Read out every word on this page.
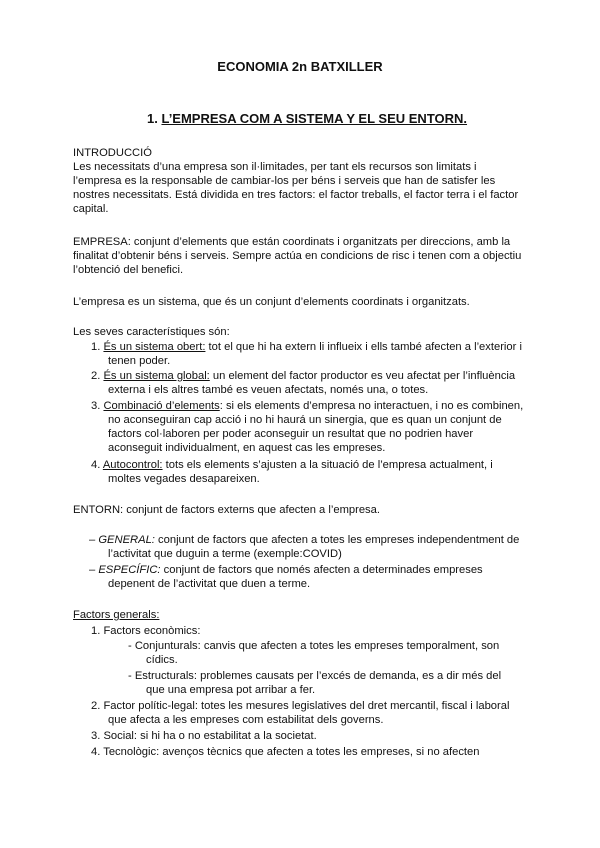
ECONOMIA 2n BATXILLER
1. L’EMPRESA COM A SISTEMA Y EL SEU ENTORN.
INTRODUCCIÓ
Les necessitats d’una empresa son il·limitades, per tant els recursos son limitats i
l’empresa es la responsable de cambiar-los per béns i serveis que han de satisfer les
nostres necessitats. Está dividida en tres factors: el factor treballs, el factor terra i el factor
capital.
EMPRESA: conjunt d’elements que están coordinats i organitzats per direccions, amb la
finalitat d’obtenir béns i serveis. Sempre actúa en condicions de risc i tenen com a objectiu
l’obtenció del benefici.
L’empresa es un sistema, que és un conjunt d’elements coordinats i organitzats.
Les seves característiques són:
1. És un sistema obert: tot el que hi ha extern li influeix i ells també afecten a l’exterior i
tenen poder.
2. És un sistema global: un element del factor productor es veu afectat per l’influència
externa i els altres també es veuen afectats, només una, o totes.
3. Combinació d’elements: si els elements d’empresa no interactuen, i no es combinen,
no aconseguiran cap acció i no hi haurá un sinergia, que es quan un conjunt de
factors col·laboren per poder aconseguir un resultat que no podrien haver
aconseguit individualment, en aquest cas les empreses.
4. Autocontrol: tots els elements s’ajusten a la situació de l’empresa actualment, i
moltes vegades desapareixen.
ENTORN: conjunt de factors externs que afecten a l’empresa.
– GENERAL: conjunt de factors que afecten a totes les empreses independentment de
l’activitat que duguin a terme (exemple:COVID)
– ESPECÍFIC: conjunt de factors que només afecten a determinades empreses
depenent de l’activitat que duen a terme.
Factors generals:
1. Factors econòmics:
- Conjunturals: canvis que afecten a totes les empreses temporalment, son
cídics.
- Estructurals: problemes causats per l’excés de demanda, es a dir més del
que una empresa pot arribar a fer.
2. Factor polític-legal: totes les mesures legislatives del dret mercantil, fiscal i laboral
que afecta a les empreses com estabilitat dels governs.
3. Social: si hi ha o no estabilitat a la societat.
4. Tecnològic: avenços tècnics que afecten a totes les empreses, si no afecten
